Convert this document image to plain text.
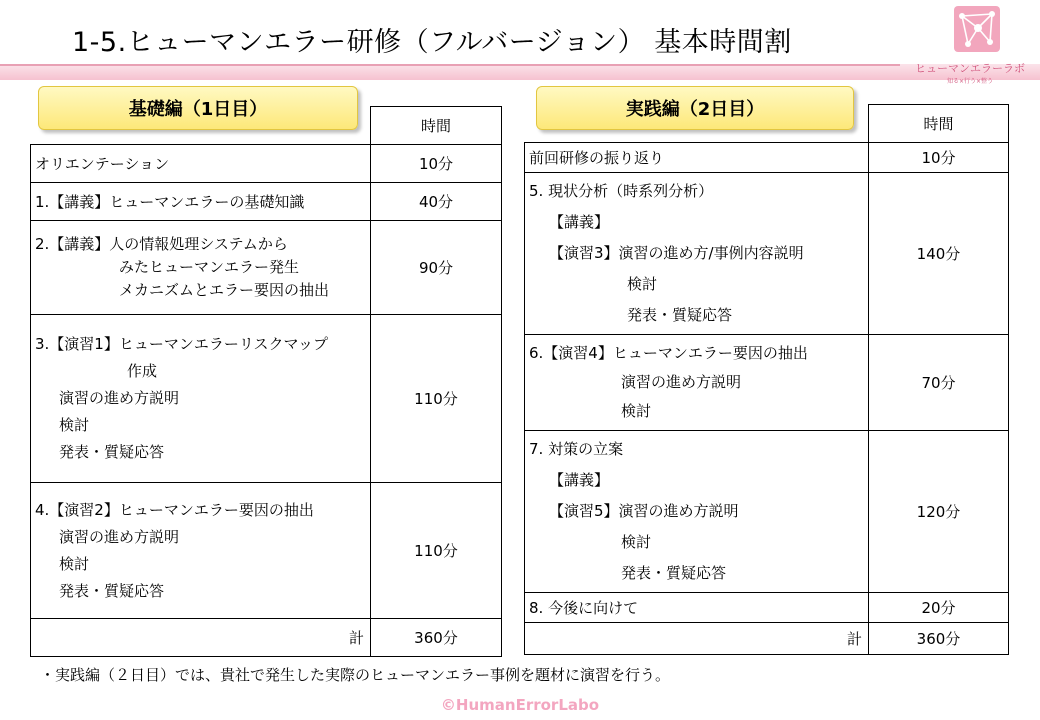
1-5.ヒューマンエラー研修（フルバージョン） 基本時間割
ヒューマンエラーラボ
知る×行う×整う
	時間

オリエンテーション	10分

1.【講義】ヒューマンエラーの基礎知識	40分

2.【講義】人の情報処理システムから
みたヒューマンエラー発生
メカニズムとエラー要因の抽出	90分

3.【演習1】ヒューマンエラーリスクマップ
作成
演習の進め方説明
検討
発表・質疑応答	110分

4.【演習2】ヒューマンエラー要因の抽出
演習の進め方説明
検討
発表・質疑応答	110分
計	360分
	時間

前回研修の振り返り	10分

5. 現状分析（時系列分析）
【講義】
【演習3】演習の進め方/事例内容説明
検討
発表・質疑応答	140分

6.【演習4】ヒューマンエラー要因の抽出
演習の進め方説明
検討	70分

7. 対策の立案
【講義】
【演習5】演習の進め方説明
検討
発表・質疑応答	120分

8. 今後に向けて	20分
計	360分
基礎編（1日目）	実践編（2日目）
・実践編（２日目）では、貴社で発生した実際のヒューマンエラー事例を題材に演習を行う。
©HumanErrorLabo
